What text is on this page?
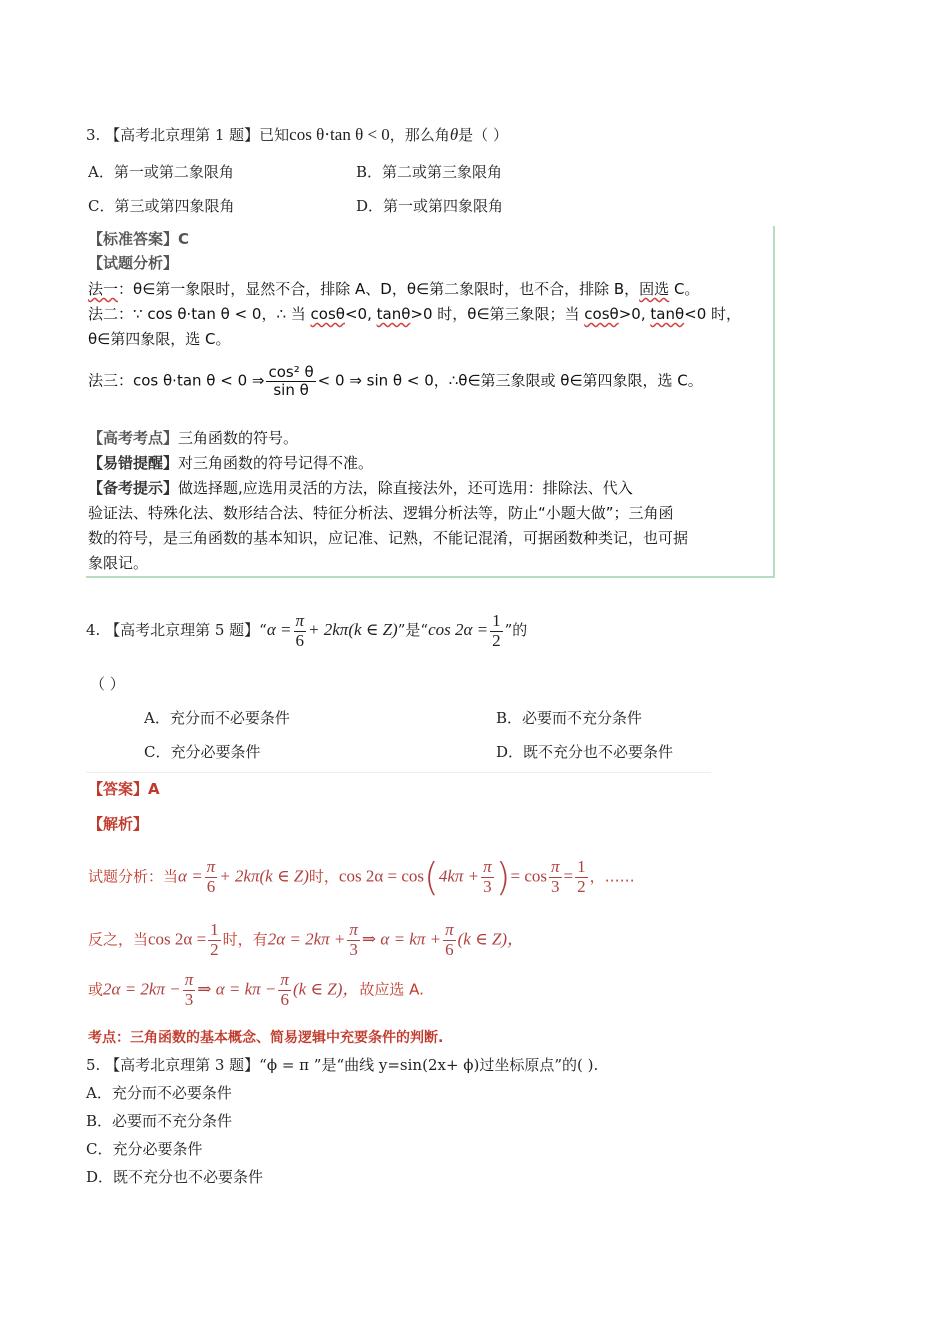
3. 【高考北京理第 1 题】已知cos θ⋅tan θ < 0，那么角θ是（ ）
A．第一或第二象限角	B．第二或第三象限角
C．第三或第四象限角	D．第一或第四象限角
【标准答案】C
【试题分析】
法一：θ∈第一象限时，显然不合，排除 A、D，θ∈第二象限时，也不合，排除 B，固选 C。
法二：∵ cos θ⋅tan θ < 0，∴ 当 cosθ<0, tanθ>0 时，θ∈第三象限；当 cosθ>0, tanθ<0 时，
θ∈第四象限，选 C。
法三：cos θ⋅tan θ < 0 ⇒ $\frac{\text{cos² θ}}{\text{sin θ}} < 0$ ⇒ sin θ < 0，∴θ∈第三象限或 θ∈第四象限，选 C。
【高考考点】三角函数的符号。
【易错提醒】对三角函数的符号记得不准。
【备考提示】做选择题,应选用灵活的方法，除直接法外，还可选用：排除法、代入
验证法、特殊化法、数形结合法、特征分析法、逻辑分析法等，防止“小题大做”；三角函
数的符号，是三角函数的基本知识，应记准、记熟，不能记混淆，可据函数种类记，也可据
象限记。
4. 【高考北京理第 5 题】“$\alpha = \frac{\pi}{6} + 2k\pi(k$ ∈ Z)”是“cos $2\alpha = \frac{1}{2}$ ”的
（ ）
A．充分而不必要条件	B．必要而不充分条件
C．充分必要条件	D．既不充分也不必要条件
【答案】A
【解析】
试题分析：当$\alpha = \frac{\pi}{6} + 2k\pi(k$ ∈ Z)时，$\cos 2\alpha = \cos(4k\pi + \frac{\pi}{3}$ )= $\cos \frac{\pi}{3} = \frac{1}{2}$ ，……
反之，当$\cos 2\alpha = \frac{1}{2}$ 时，有$2\alpha = 2k\pi + \frac{\pi}{3}$ ⇒ $\alpha = k\pi + \frac{\pi}{6} (k$ ∈ Z)，
或$2\alpha = 2k\pi - \frac{\pi}{3}$ ⇒ $\alpha = k\pi - \frac{\pi}{6} (k$ ∈ Z)，故应选 A.
考点：三角函数的基本概念、简易逻辑中充要条件的判断.
5. 【高考北京理第 3 题】“ϕ = π ”是“曲线 y=sin(2x+ ϕ)过坐标原点”的( ).
A．充分而不必要条件
B．必要而不充分条件
C．充分必要条件
D．既不充分也不必要条件
